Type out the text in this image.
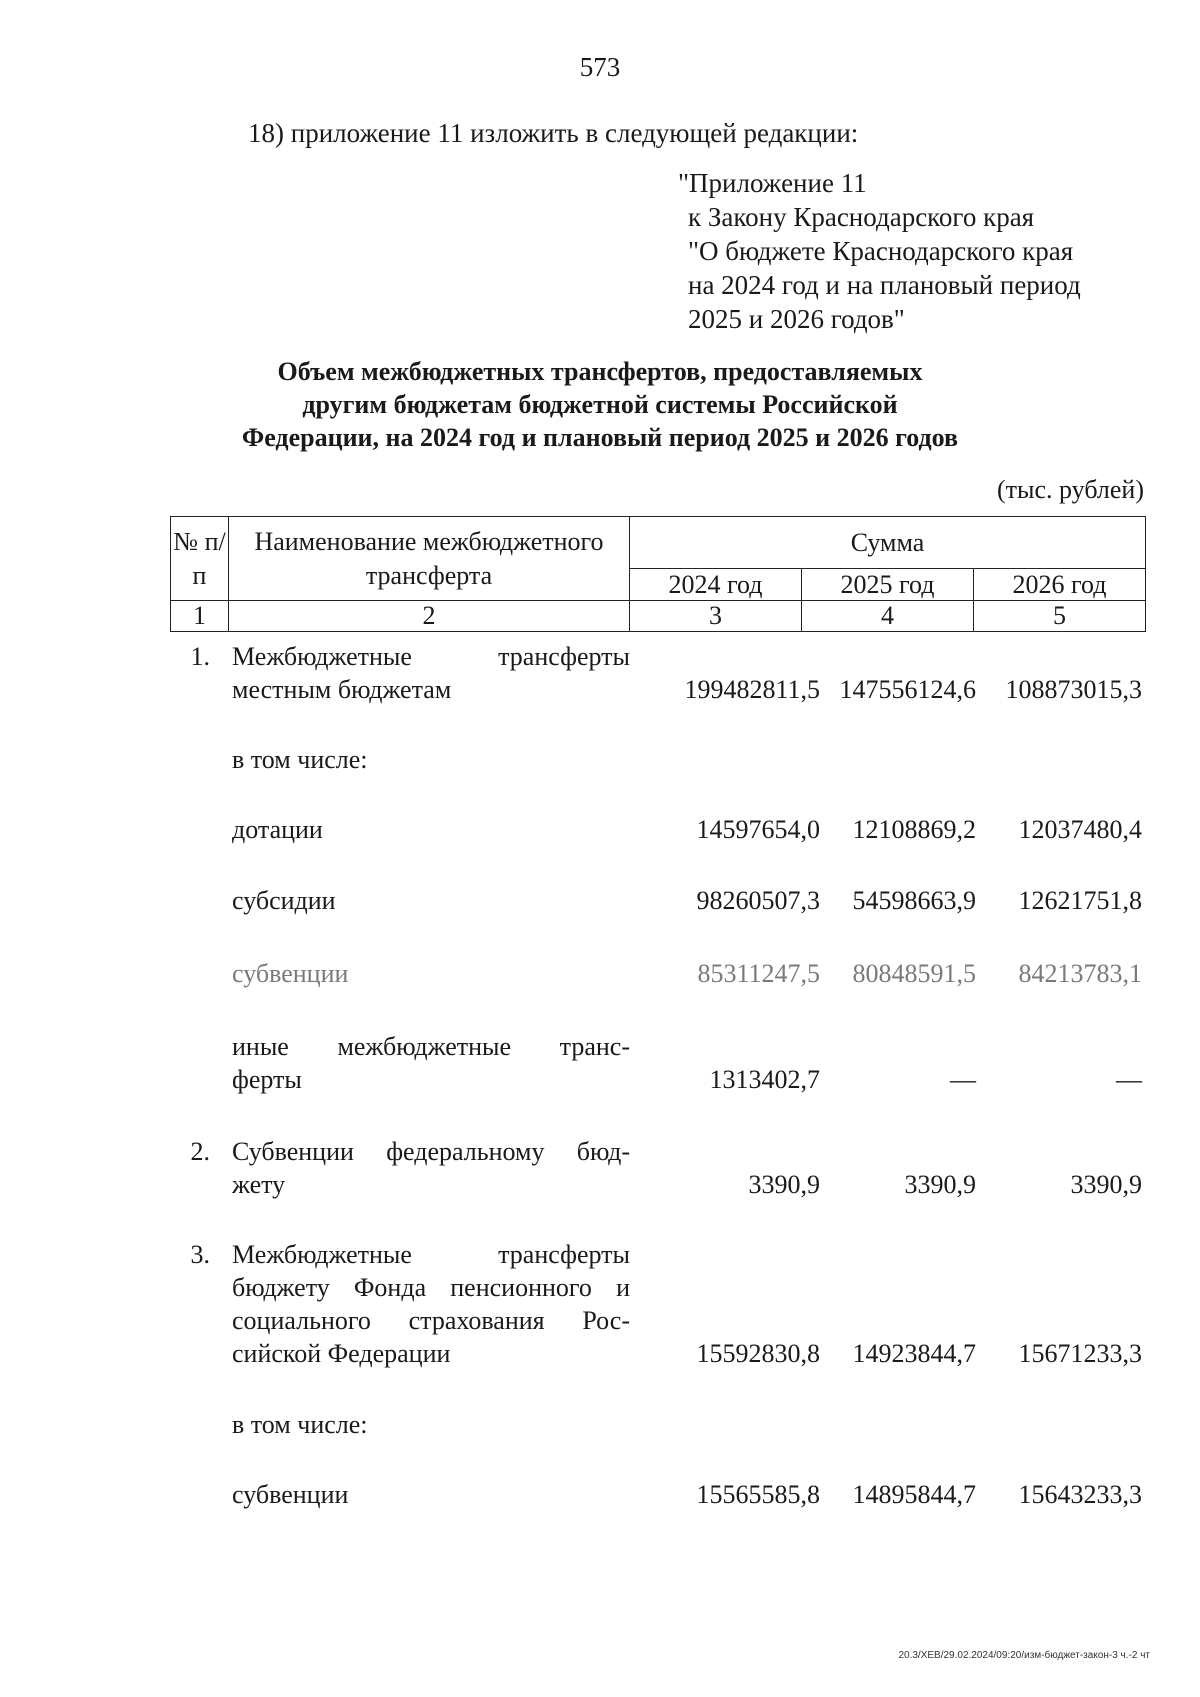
573
18) приложение 11 изложить в следующей редакции:
"Приложение 11
к Закону Краснодарского края
"О бюджете Краснодарского края
на 2024 год и на плановый период
2025 и 2026 годов"
Объем межбюджетных трансфертов, предоставляемых
другим бюджетам бюджетной системы Российской
Федерации, на 2024 год и плановый период 2025 и 2026 годов
(тыс. рублей)
№ п/п	Наименование межбюджетного трансферта	Сумма		
		2024 год	2025 год	2026 год
1	2	3	4	5
1. Межбюджетные трансферты
местным бюджетам	199482811,5 147556124,6	108873015,3
в том числе:
дотации	14597654,0	12108869,2	12037480,4
субсидии	98260507,3	54598663,9	12621751,8
субвенции	85311247,5	80848591,5	84213783,1
иные межбюджетные транс-
ферты	1313402,7	—	—
2. Субвенции федеральному бюд-
жету	3390,9	3390,9	3390,9
3. Межбюджетные трансферты
бюджету Фонда пенсионного и
социального страхования Рос-
сийской Федерации	15592830,8	14923844,7	15671233,3
в том числе:
субвенции	15565585,8	14895844,7	15643233,3
20.3/ХЕВ/29.02.2024/09:20/изм-бюджет-закон-3 ч.-2 чт
